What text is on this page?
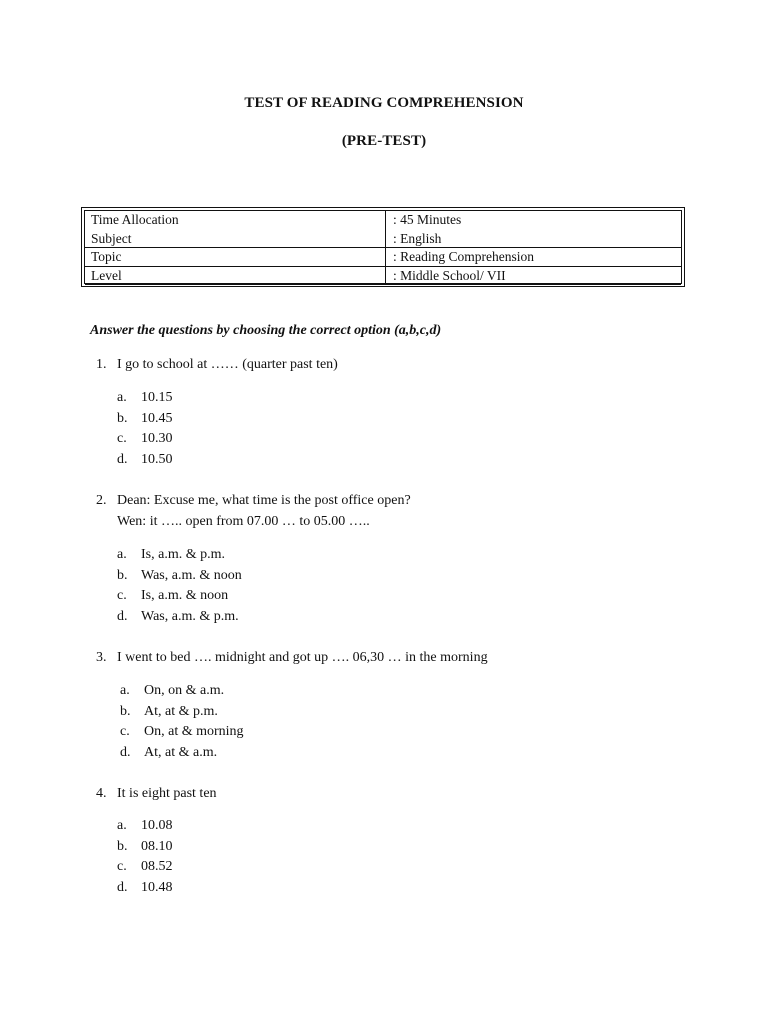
TEST OF READING COMPREHENSION
(PRE-TEST)
Subject	: English
Topic	: Reading Comprehension
Level	: Middle School/ VII
Time Allocation	: 45 Minutes
Answer the questions by choosing the correct option (a,b,c,d)
1. I go to school at …… (quarter past ten)
a. 10.15
b. 10.45
c. 10.30
d. 10.50
2. Dean: Excuse me, what time is the post office open?
Wen: it ….. open from 07.00 … to 05.00 …..
a. Is, a.m. & p.m.
b. Was, a.m. & noon
c. Is, a.m. & noon
d. Was, a.m. & p.m.
3. I went to bed …. midnight and got up …. 06,30 … in the morning
a. On, on & a.m.
b. At, at & p.m.
c. On, at & morning
d. At, at & a.m.
4. It is eight past ten
a. 10.08
b. 08.10
c. 08.52
d. 10.48
